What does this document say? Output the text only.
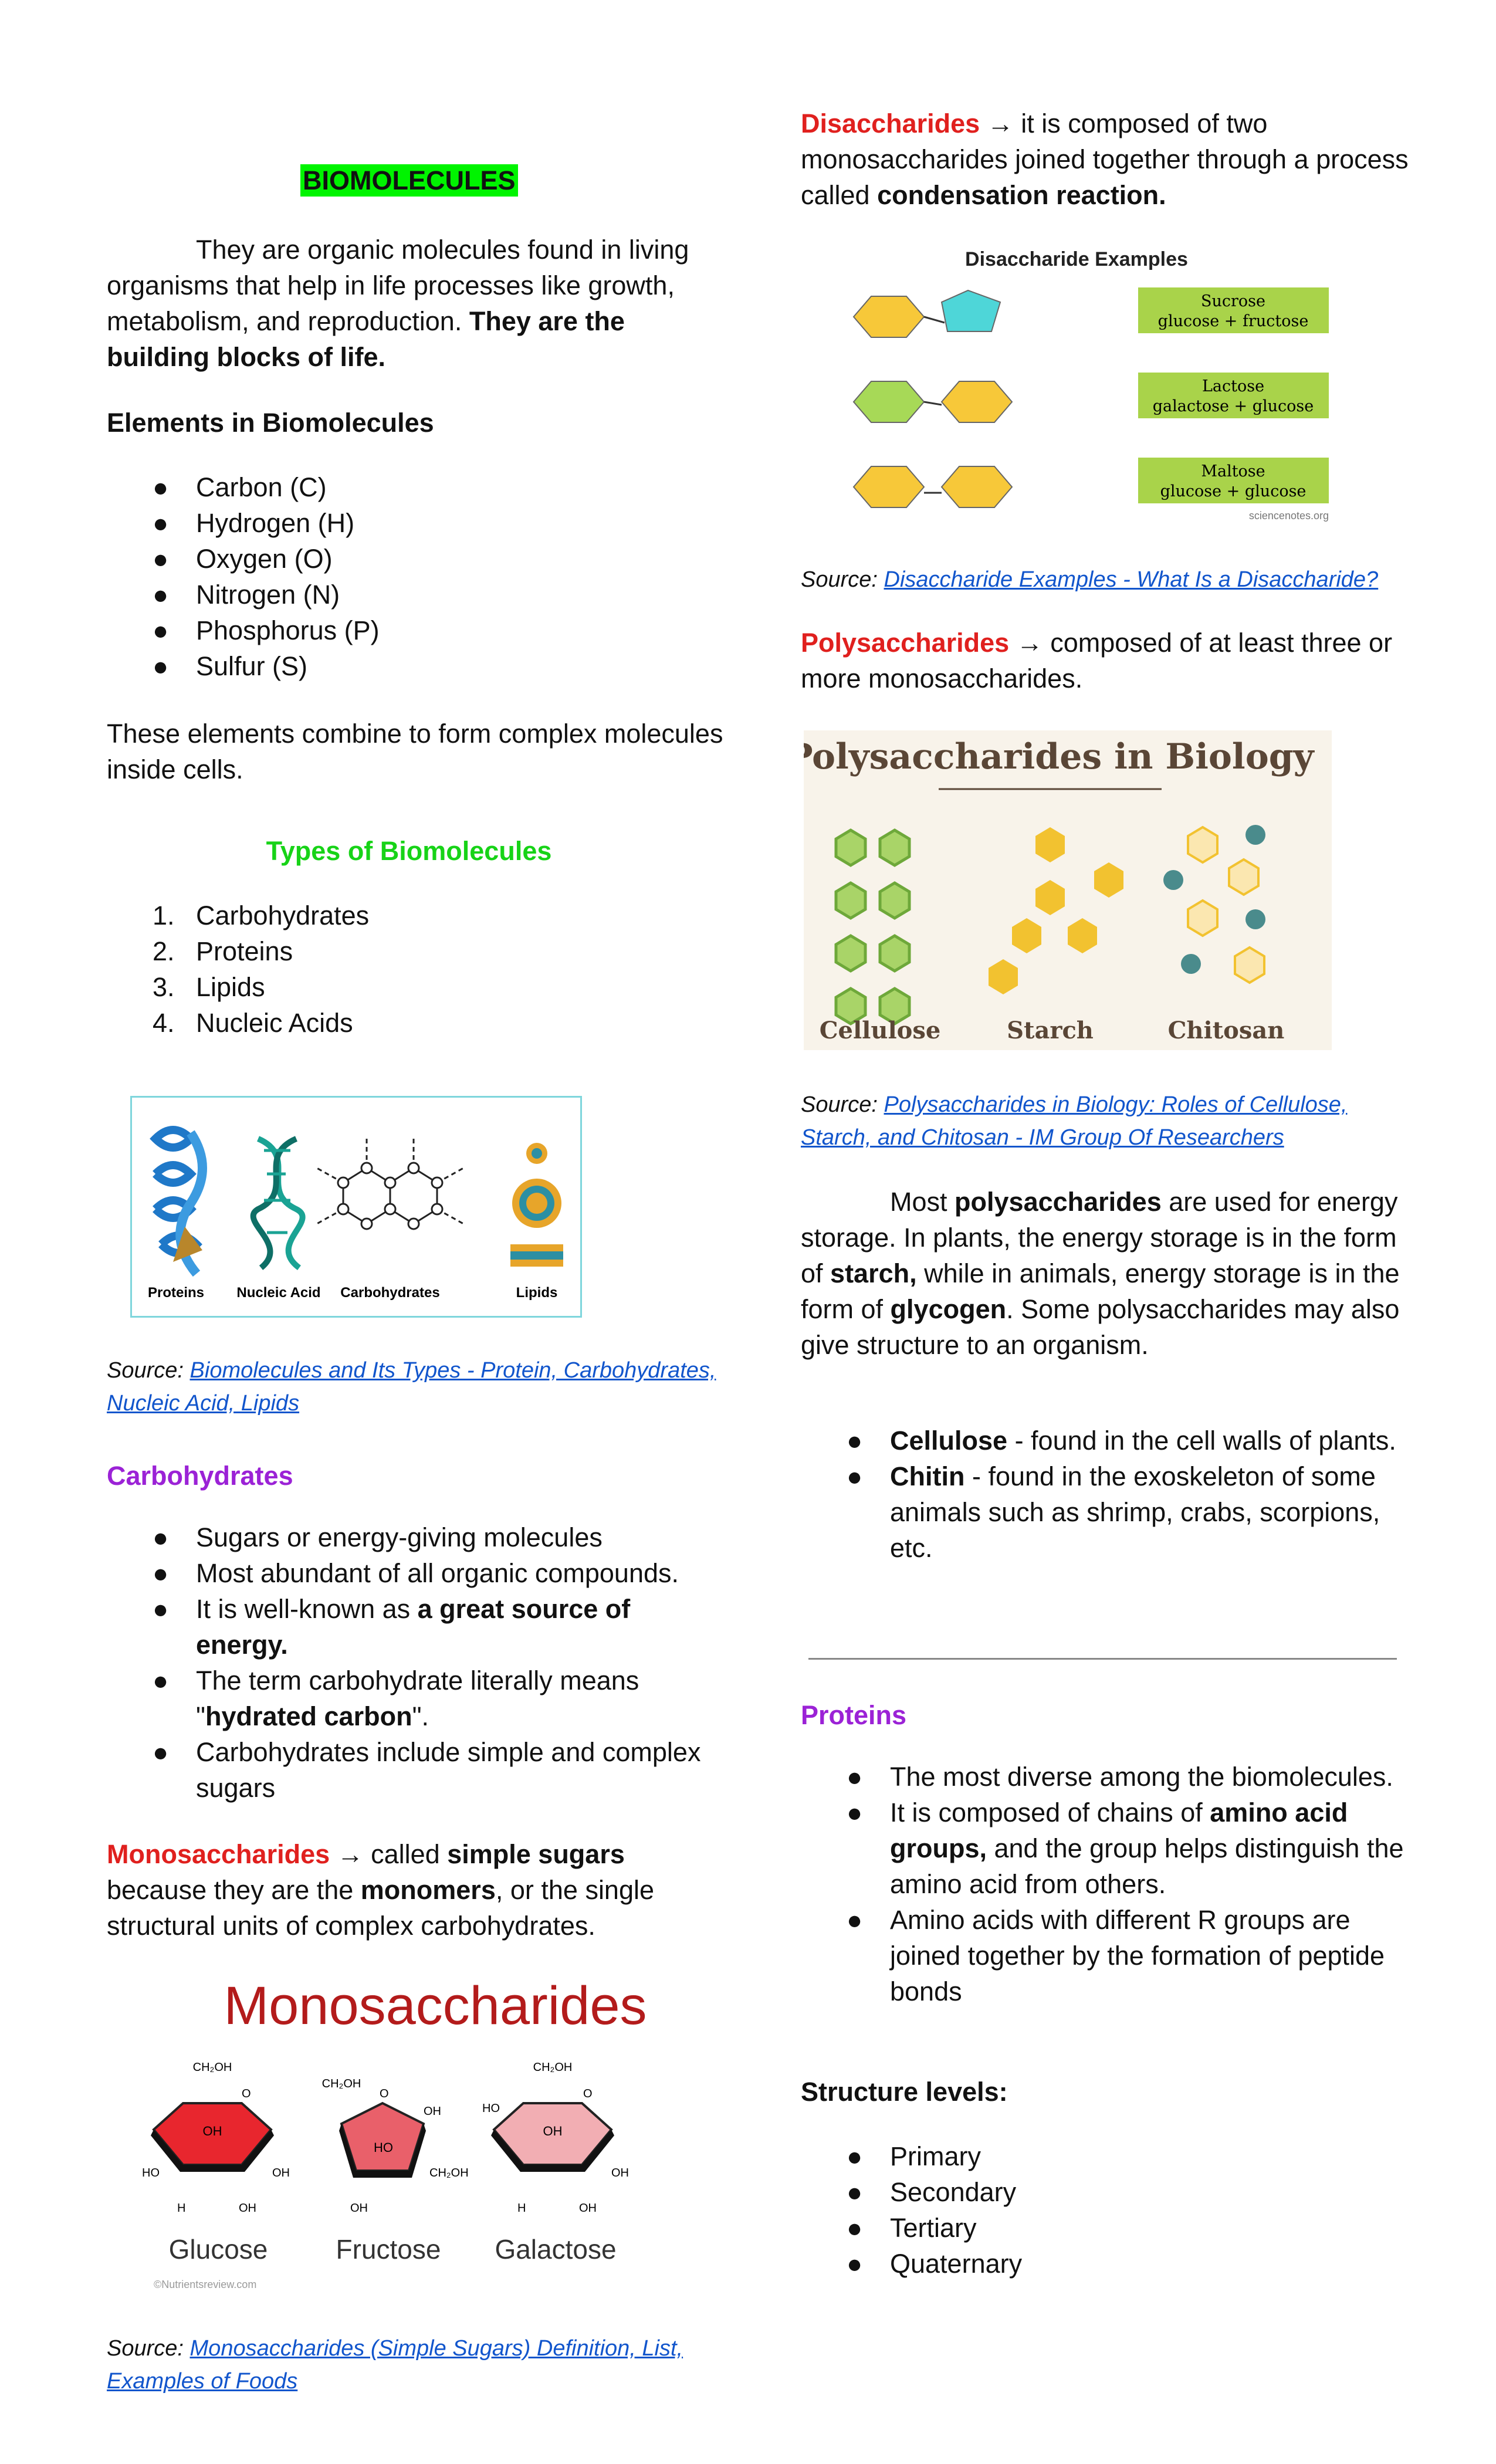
BIOMOLECULES

They are organic molecules found in living organisms that help in life processes like growth, metabolism, and reproduction. They are the building blocks of life.

Elements in Biomolecules

● Carbon (C)
● Hydrogen (H)
● Oxygen (O)
● Nitrogen (N)
● Phosphorus (P)
● Sulfur (S)

These elements combine to form complex molecules inside cells.

Types of Biomolecules

1. Carbohydrates
2. Proteins
3. Lipids
4. Nucleic Acids
Proteins Nucleic Acid Carbohydrates	Lipids

Source: Biomolecules and Its Types - Protein, Carbohydrates, Nucleic Acid, Lipids

Carbohydrates

● Sugars or energy-giving molecules
● Most abundant of all organic compounds.
● It is well-known as a great source of energy.
● The term carbohydrate literally means "hydrated carbon".
● Carbohydrates include simple and complex sugars

Monosaccharides → called simple sugars because they are the monomers, or the single structural units of complex carbohydrates.

Monosaccharides
CH₂OH
O
OH
HO	OH
OH
H
CH₂OH
O
OH
HO
CH₂OH
OH
CH₂OH
O
HO
OH
OH
OH
H
Glucose	Fructose Galactose
©Nutrientsreview.com

Source: Monosaccharides (Simple Sugars) Definition, List, Examples of Foods

Disaccharides → it is composed of two monosaccharides joined together through a process called condensation reaction.

Disaccharide Examples
Sucrose
glucose + fructose
Lactose
galactose + glucose
Maltose
glucose + glucose
sciencenotes.org

Source: Disaccharide Examples - What Is a Disaccharide?

Polysaccharides → composed of at least three or more monosaccharides.

Polysaccharides in Biology
Cellulose	Starch	Chitosan

Source: Polysaccharides in Biology: Roles of Cellulose, Starch, and Chitosan - IM Group Of Researchers

Most polysaccharides are used for energy storage. In plants, the energy storage is in the form of starch, while in animals, energy storage is in the form of glycogen. Some polysaccharides may also give structure to an organism.

● Cellulose - found in the cell walls of plants.
● Chitin - found in the exoskeleton of some animals such as shrimp, crabs, scorpions, etc.

Proteins

● The most diverse among the biomolecules.
● It is composed of chains of amino acid groups, and the group helps distinguish the amino acid from others.
● Amino acids with different R groups are joined together by the formation of peptide bonds

Structure levels:

● Primary
● Secondary
● Tertiary
● Quaternary
